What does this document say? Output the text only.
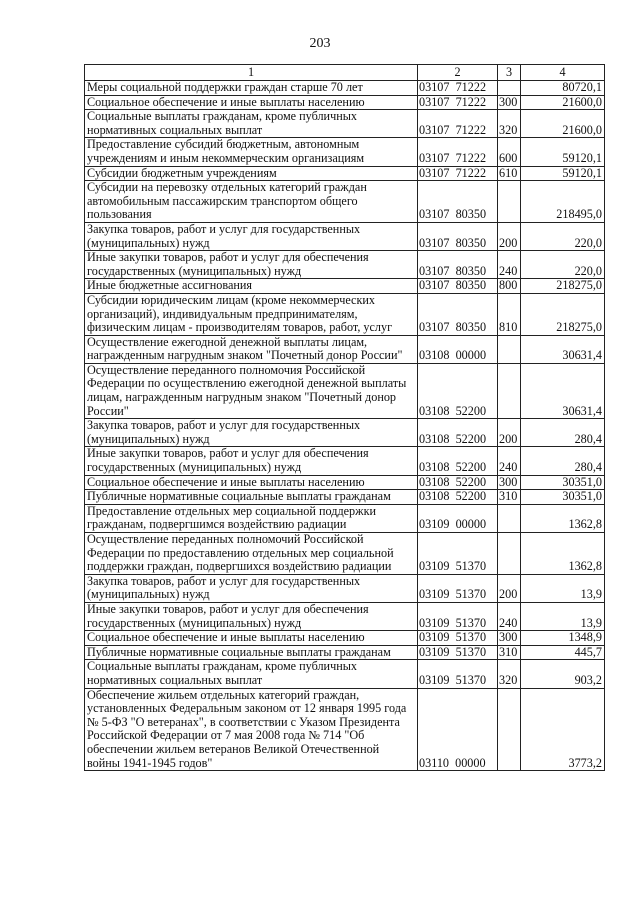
203
1	2	3	4
Меры социальной поддержки граждан старше 70 лет	03107  71222		80720,1
Социальное обеспечение и иные выплаты населению	03107  71222	300	21600,0
Социальные выплаты гражданам, кроме публичных нормативных социальных выплат	03107  71222	320	21600,0
Предоставление субсидий бюджетным, автономным учреждениям и иным некоммерческим организациям	03107  71222	600	59120,1
Субсидии бюджетным учреждениям	03107  71222	610	59120,1
Субсидии на перевозку отдельных категорий граждан автомобильным пассажирским транспортом общего пользования	03107  80350		218495,0
Закупка товаров, работ и услуг для государственных (муниципальных) нужд	03107  80350	200	220,0
Иные закупки товаров, работ и услуг для обеспечения государственных (муниципальных) нужд	03107  80350	240	220,0
Иные бюджетные ассигнования	03107  80350	800	218275,0
Субсидии юридическим лицам (кроме некоммерческих организаций), индивидуальным предпринимателям, физическим лицам - производителям товаров, работ, услуг	03107  80350	810	218275,0
Осуществление ежегодной денежной выплаты лицам, награжденным нагрудным знаком "Почетный донор России"	03108  00000		30631,4
Осуществление переданного полномочия Российской Федерации по осуществлению ежегодной денежной выплаты лицам, награжденным нагрудным знаком "Почетный донор России"	03108  52200		30631,4
Закупка товаров, работ и услуг для государственных (муниципальных) нужд	03108  52200	200	280,4
Иные закупки товаров, работ и услуг для обеспечения государственных (муниципальных) нужд	03108  52200	240	280,4
Социальное обеспечение и иные выплаты населению	03108  52200	300	30351,0
Публичные нормативные социальные выплаты гражданам	03108  52200	310	30351,0
Предоставление отдельных мер социальной поддержки гражданам, подвергшимся воздействию радиации	03109  00000		1362,8
Осуществление переданных полномочий Российской Федерации по предоставлению отдельных мер социальной поддержки граждан, подвергшихся воздействию радиации	03109  51370		1362,8
Закупка товаров, работ и услуг для государственных (муниципальных) нужд	03109  51370	200	13,9
Иные закупки товаров, работ и услуг для обеспечения государственных (муниципальных) нужд	03109  51370	240	13,9
Социальное обеспечение и иные выплаты населению	03109  51370	300	1348,9
Публичные нормативные социальные выплаты гражданам	03109  51370	310	445,7
Социальные выплаты гражданам, кроме публичных нормативных социальных выплат	03109  51370	320	903,2
Обеспечение жильем отдельных категорий граждан, установленных Федеральным законом от 12 января 1995 года № 5-ФЗ "О ветеранах", в соответствии с Указом Президента Российской Федерации от 7 мая 2008 года № 714 "Об обеспечении жильем ветеранов Великой Отечественной войны 1941-1945 годов"	03110  00000		3773,2
